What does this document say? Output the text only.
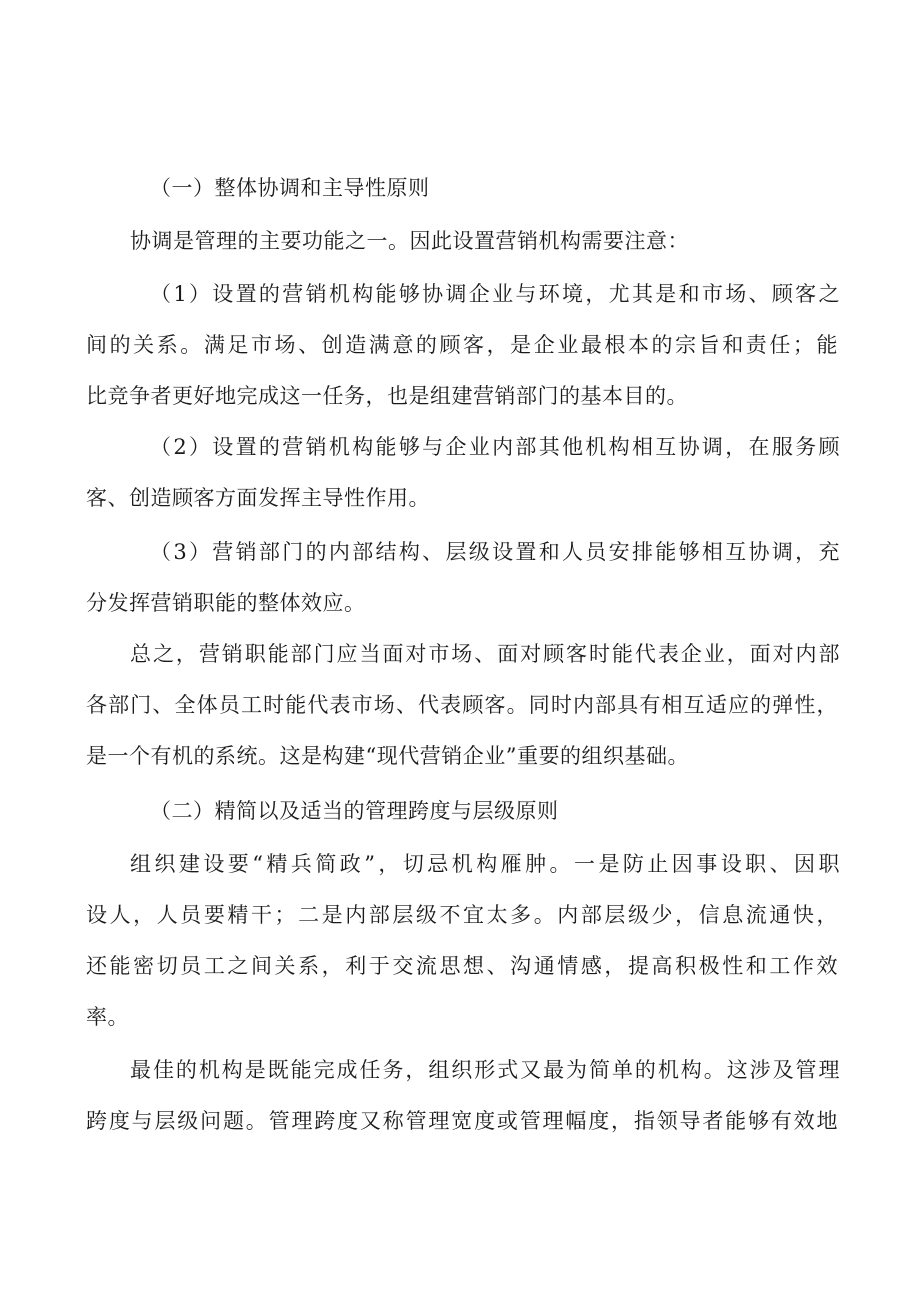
（一）整体协调和主导性原则
协调是管理的主要功能之一。因此设置营销机构需要注意：
（1）设置的营销机构能够协调企业与环境，尤其是和市场、顾客之
间的关系。满足市场、创造满意的顾客，是企业最根本的宗旨和责任；能
比竞争者更好地完成这一任务，也是组建营销部门的基本目的。
（2）设置的营销机构能够与企业内部其他机构相互协调，在服务顾
客、创造顾客方面发挥主导性作用。
（3）营销部门的内部结构、层级设置和人员安排能够相互协调，充
分发挥营销职能的整体效应。
总之，营销职能部门应当面对市场、面对顾客时能代表企业，面对内部
各部门、全体员工时能代表市场、代表顾客。同时内部具有相互适应的弹性，
是一个有机的系统。这是构建“现代营销企业”重要的组织基础。
（二）精简以及适当的管理跨度与层级原则
组织建设要“精兵简政”，切忌机构雁肿。一是防止因事设职、因职
设人，人员要精干；二是内部层级不宜太多。内部层级少，信息流通快，
还能密切员工之间关系，利于交流思想、沟通情感，提高积极性和工作效
率。
最佳的机构是既能完成任务，组织形式又最为简单的机构。这涉及管理
跨度与层级问题。管理跨度又称管理宽度或管理幅度，指领导者能够有效地
